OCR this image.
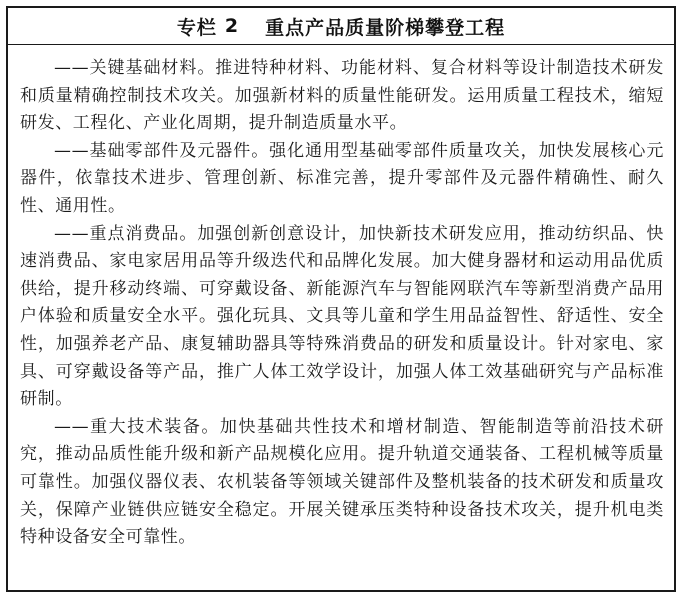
专栏 2 重点产品质量阶梯攀登工程

——关键基础材料。推进特种材料、功能材料、复合材料等设计制造技术研发和质量精确控制技术攻关。加强新材料的质量性能研发。运用质量工程技术，缩短研发、工程化、产业化周期，提升制造质量水平。

——基础零部件及元器件。强化通用型基础零部件质量攻关，加快发展核心元器件，依靠技术进步、管理创新、标准完善，提升零部件及元器件精确性、耐久性、通用性。

——重点消费品。加强创新创意设计，加快新技术研发应用，推动纺织品、快速消费品、家电家居用品等升级迭代和品牌化发展。加大健身器材和运动用品优质供给，提升移动终端、可穿戴设备、新能源汽车与智能网联汽车等新型消费产品用户体验和质量安全水平。强化玩具、文具等儿童和学生用品益智性、舒适性、安全性，加强养老产品、康复辅助器具等特殊消费品的研发和质量设计。针对家电、家具、可穿戴设备等产品，推广人体工效学设计，加强人体工效基础研究与产品标准研制。

——重大技术装备。加快基础共性技术和增材制造、智能制造等前沿技术研究，推动品质性能升级和新产品规模化应用。提升轨道交通装备、工程机械等质量可靠性。加强仪器仪表、农机装备等领域关键部件及整机装备的技术研发和质量攻关，保障产业链供应链安全稳定。开展关键承压类特种设备技术攻关，提升机电类特种设备安全可靠性。
